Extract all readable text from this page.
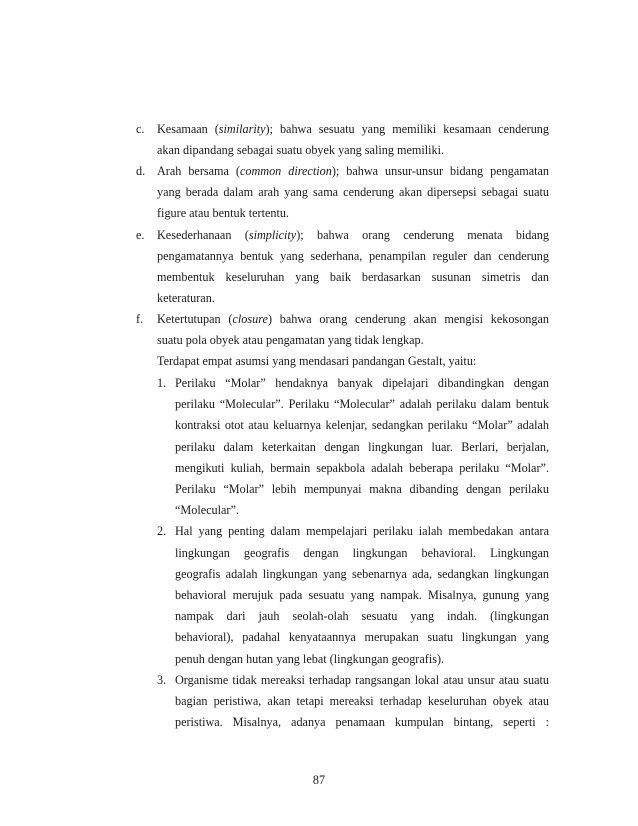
c. Kesamaan (similarity); bahwa sesuatu yang memiliki kesamaan cenderung
akan dipandang sebagai suatu obyek yang saling memiliki.
d. Arah bersama (common direction); bahwa unsur-unsur bidang pengamatan
yang berada dalam arah yang sama cenderung akan dipersepsi sebagai suatu
figure atau bentuk tertentu.
e. Kesederhanaan (simplicity); bahwa orang cenderung menata bidang
pengamatannya bentuk yang sederhana, penampilan reguler dan cenderung
membentuk keseluruhan yang baik berdasarkan susunan simetris dan
keteraturan.
f. Ketertutupan (closure) bahwa orang cenderung akan mengisi kekosongan
suatu pola obyek atau pengamatan yang tidak lengkap.
Terdapat empat asumsi yang mendasari pandangan Gestalt, yaitu:
1. Perilaku “Molar” hendaknya banyak dipelajari dibandingkan dengan
perilaku “Molecular”. Perilaku “Molecular” adalah perilaku dalam bentuk
kontraksi otot atau keluarnya kelenjar, sedangkan perilaku “Molar” adalah
perilaku dalam keterkaitan dengan lingkungan luar. Berlari, berjalan,
mengikuti kuliah, bermain sepakbola adalah beberapa perilaku “Molar”.
Perilaku “Molar” lebih mempunyai makna dibanding dengan perilaku
“Molecular”.
2. Hal yang penting dalam mempelajari perilaku ialah membedakan antara
lingkungan geografis dengan lingkungan behavioral. Lingkungan
geografis adalah lingkungan yang sebenarnya ada, sedangkan lingkungan
behavioral merujuk pada sesuatu yang nampak. Misalnya, gunung yang
nampak dari jauh seolah-olah sesuatu yang indah. (lingkungan
behavioral), padahal kenyataannya merupakan suatu lingkungan yang
penuh dengan hutan yang lebat (lingkungan geografis).
3. Organisme tidak mereaksi terhadap rangsangan lokal atau unsur atau suatu
bagian peristiwa, akan tetapi mereaksi terhadap keseluruhan obyek atau
peristiwa. Misalnya, adanya penamaan kumpulan bintang, seperti :
87
